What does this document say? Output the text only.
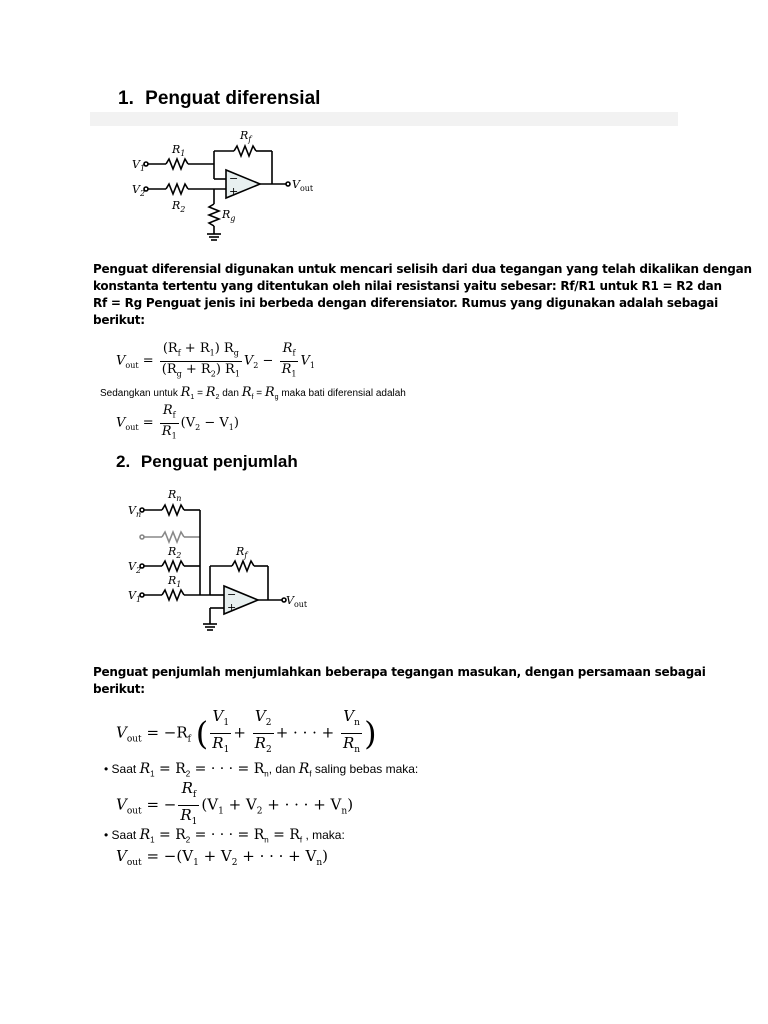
1. Penguat diferensial
$R_f$
$R_1$
$R_2$	$R_g$
$V_1$
$V_2$
$V_{out}$
−
+
Penguat diferensial digunakan untuk mencari selisih dari dua tegangan yang telah dikalikan dengan
konstanta tertentu yang ditentukan oleh nilai resistansi yaitu sebesar: Rf/R1 untuk R1 = R2 dan
Rf = Rg Penguat jenis ini berbeda dengan diferensiator. Rumus yang digunakan adalah sebagai
berikut:
$V_{out} = \frac{(R_f + R_1) R_g}{(R_g + R_2) R_1} V_2 - \frac{R_f}{R_1} V_1$
Sedangkan untuk $R_1 = R_2$ dan $R_f = R_g$ maka bati diferensial adalah
$V_{out} = \frac{R_f}{R_1} (V_2 - V_1)$
2. Penguat penjumlah
$R_n$
$R_2$
$R_1$
$R_f$
$V_n$
$V_2$
$V_1$	$V_{out}$
−
+
Penguat penjumlah menjumlahkan beberapa tegangan masukan, dengan persamaan sebagai
berikut:
$V_{out} = -R_f$ ( $\frac{V_1}{R_1} + \frac{V_2}{R_2}$ + · · · + $\frac{V_n}{R_n}$ )
• Saat $R_1 = R_2$ = · · · = $R_n$, dan $R_f$ saling bebas maka:
$V_{out}$ = − $\frac{R_f}{R_1} (V_1 + V_2$ + · · · + $V_n$)
• Saat $R_1 = R_2$ = · · · = $R_n = R_f$ , maka:
$V_{out} = -(V_1 + V_2$ + · · · + $V_n$)
